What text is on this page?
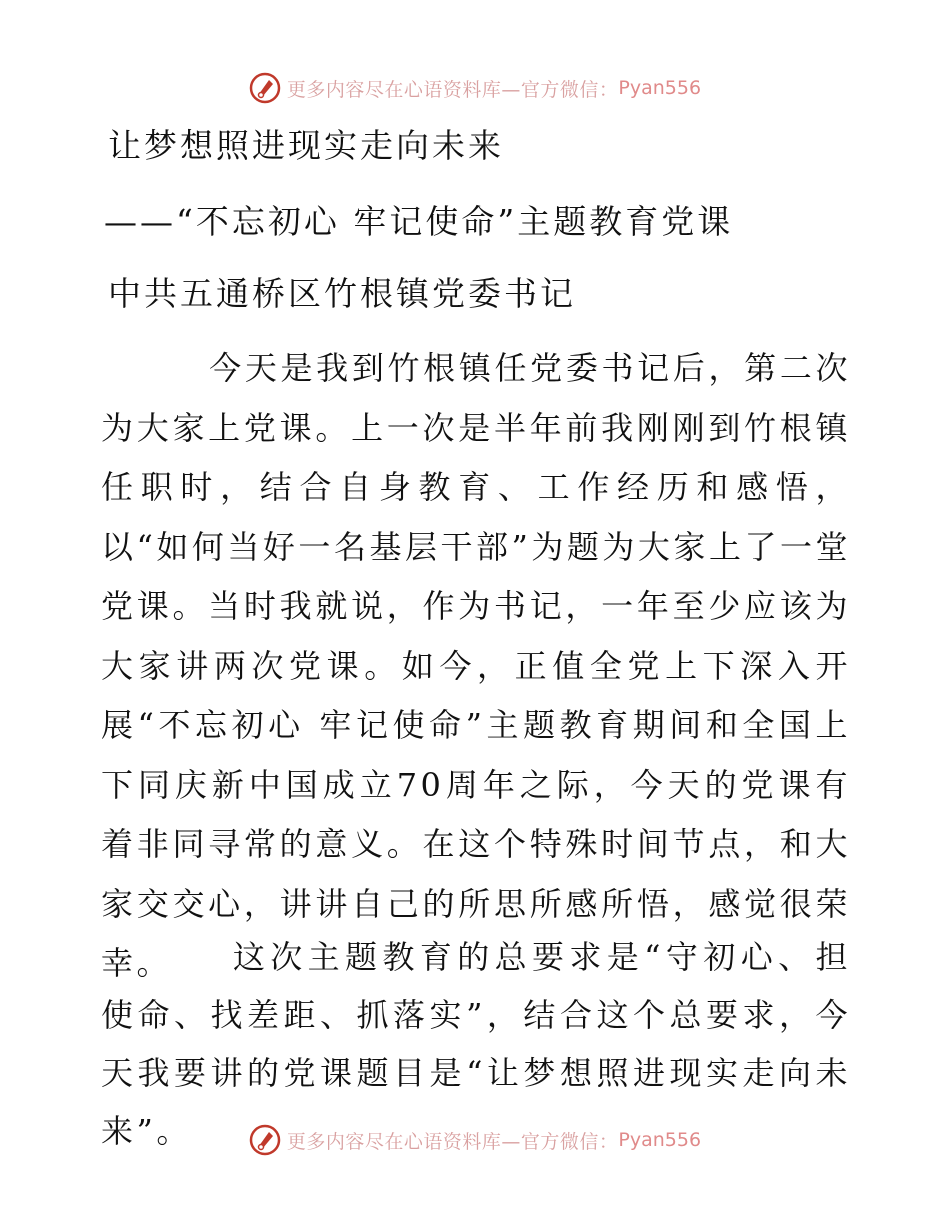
更多内容尽在心语资料库—官方微信： Pyan556
让梦想照进现实走向未来
——“不忘初心 牢记使命”主题教育党课
中共五通桥区竹根镇党委书记

今天是我到竹根镇任党委书记后，第二次为大家上党课。上一次是半年前我刚刚到竹根镇任职时，结合自身教育、工作经历和感悟，以“如何当好一名基层干部”为题为大家上了一堂党课。当时我就说，作为书记，一年至少应该为大家讲两次党课。如今，正值全党上下深入开展“不忘初心 牢记使命”主题教育期间和全国上下同庆新中国成立70周年之际，今天的党课有着非同寻常的意义。在这个特殊时间节点，和大家交交心，讲讲自己的所思所感所悟，感觉很荣幸。	这次主题教育的总要求是“守初心、担使命、找差距、抓落实”，结合这个总要求，今天我要讲的党课题目是“让梦想照进现实走向未来”。	更多内容尽在心语资料库—官方微信： Pyan556
